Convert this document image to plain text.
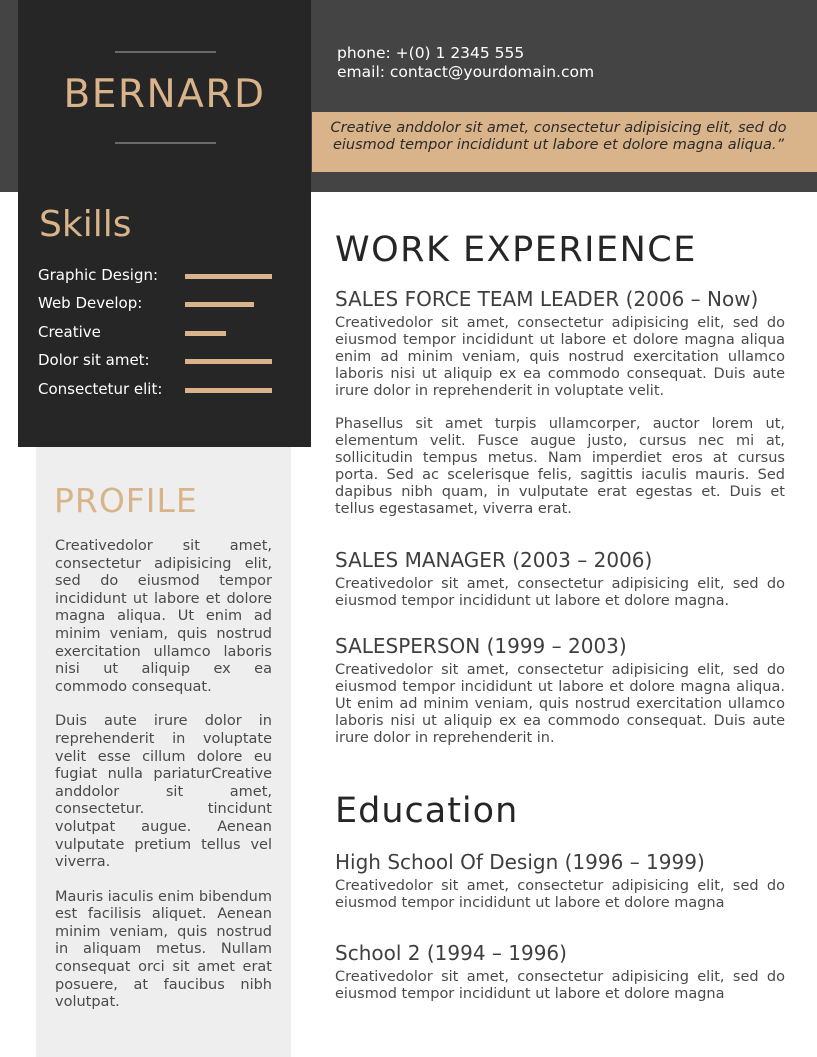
BERNARD
Skills
Graphic Design:
Web Develop:
Creative
Dolor sit amet:
Consectetur elit:
phone: +(0) 1 2345 555
email: contact@yourdomain.com
Creative anddolor sit amet, consectetur adipisicing elit, sed do eiusmod tempor incididunt ut labore et dolore magna aliqua.”
PROFILE

Creativedolor sit amet, consectetur adipisicing elit, sed do eiusmod tempor incididunt ut labore et dolore magna aliqua. Ut enim ad minim veniam, quis nostrud exercitation ullamco laboris nisi ut aliquip ex ea commodo consequat.

Duis aute irure dolor in reprehenderit in voluptate velit esse cillum dolore eu fugiat nulla pariaturCreative anddolor sit amet, consectetur. tincidunt volutpat augue. Aenean vulputate pretium tellus vel viverra.

Mauris iaculis enim bibendum est facilisis aliquet. Aenean minim veniam, quis nostrud in aliquam metus. Nullam consequat orci sit amet erat posuere, at faucibus nibh volutpat.

WORK EXPERIENCE
SALES FORCE TEAM LEADER (2006 – Now)

Creativedolor sit amet, consectetur adipisicing elit, sed do eiusmod tempor incididunt ut labore et dolore magna aliqua enim ad minim veniam, quis nostrud exercitation ullamco laboris nisi ut aliquip ex ea commodo consequat. Duis aute irure dolor in reprehenderit in voluptate velit.

Phasellus sit amet turpis ullamcorper, auctor lorem ut, elementum velit. Fusce augue justo, cursus nec mi at, sollicitudin tempus metus. Nam imperdiet eros at cursus porta. Sed ac scelerisque felis, sagittis iaculis mauris. Sed dapibus nibh quam, in vulputate erat egestas et. Duis et tellus egestasamet, viverra erat.

SALES MANAGER (2003 – 2006)

Creativedolor sit amet, consectetur adipisicing elit, sed do eiusmod tempor incididunt ut labore et dolore magna.

SALESPERSON (1999 – 2003)

Creativedolor sit amet, consectetur adipisicing elit, sed do eiusmod tempor incididunt ut labore et dolore magna aliqua. Ut enim ad minim veniam, quis nostrud exercitation ullamco laboris nisi ut aliquip ex ea commodo consequat. Duis aute irure dolor in reprehenderit in.

Education
High School Of Design (1996 – 1999)

Creativedolor sit amet, consectetur adipisicing elit, sed do eiusmod tempor incididunt ut labore et dolore magna

School 2 (1994 – 1996)

Creativedolor sit amet, consectetur adipisicing elit, sed do eiusmod tempor incididunt ut labore et dolore magna
